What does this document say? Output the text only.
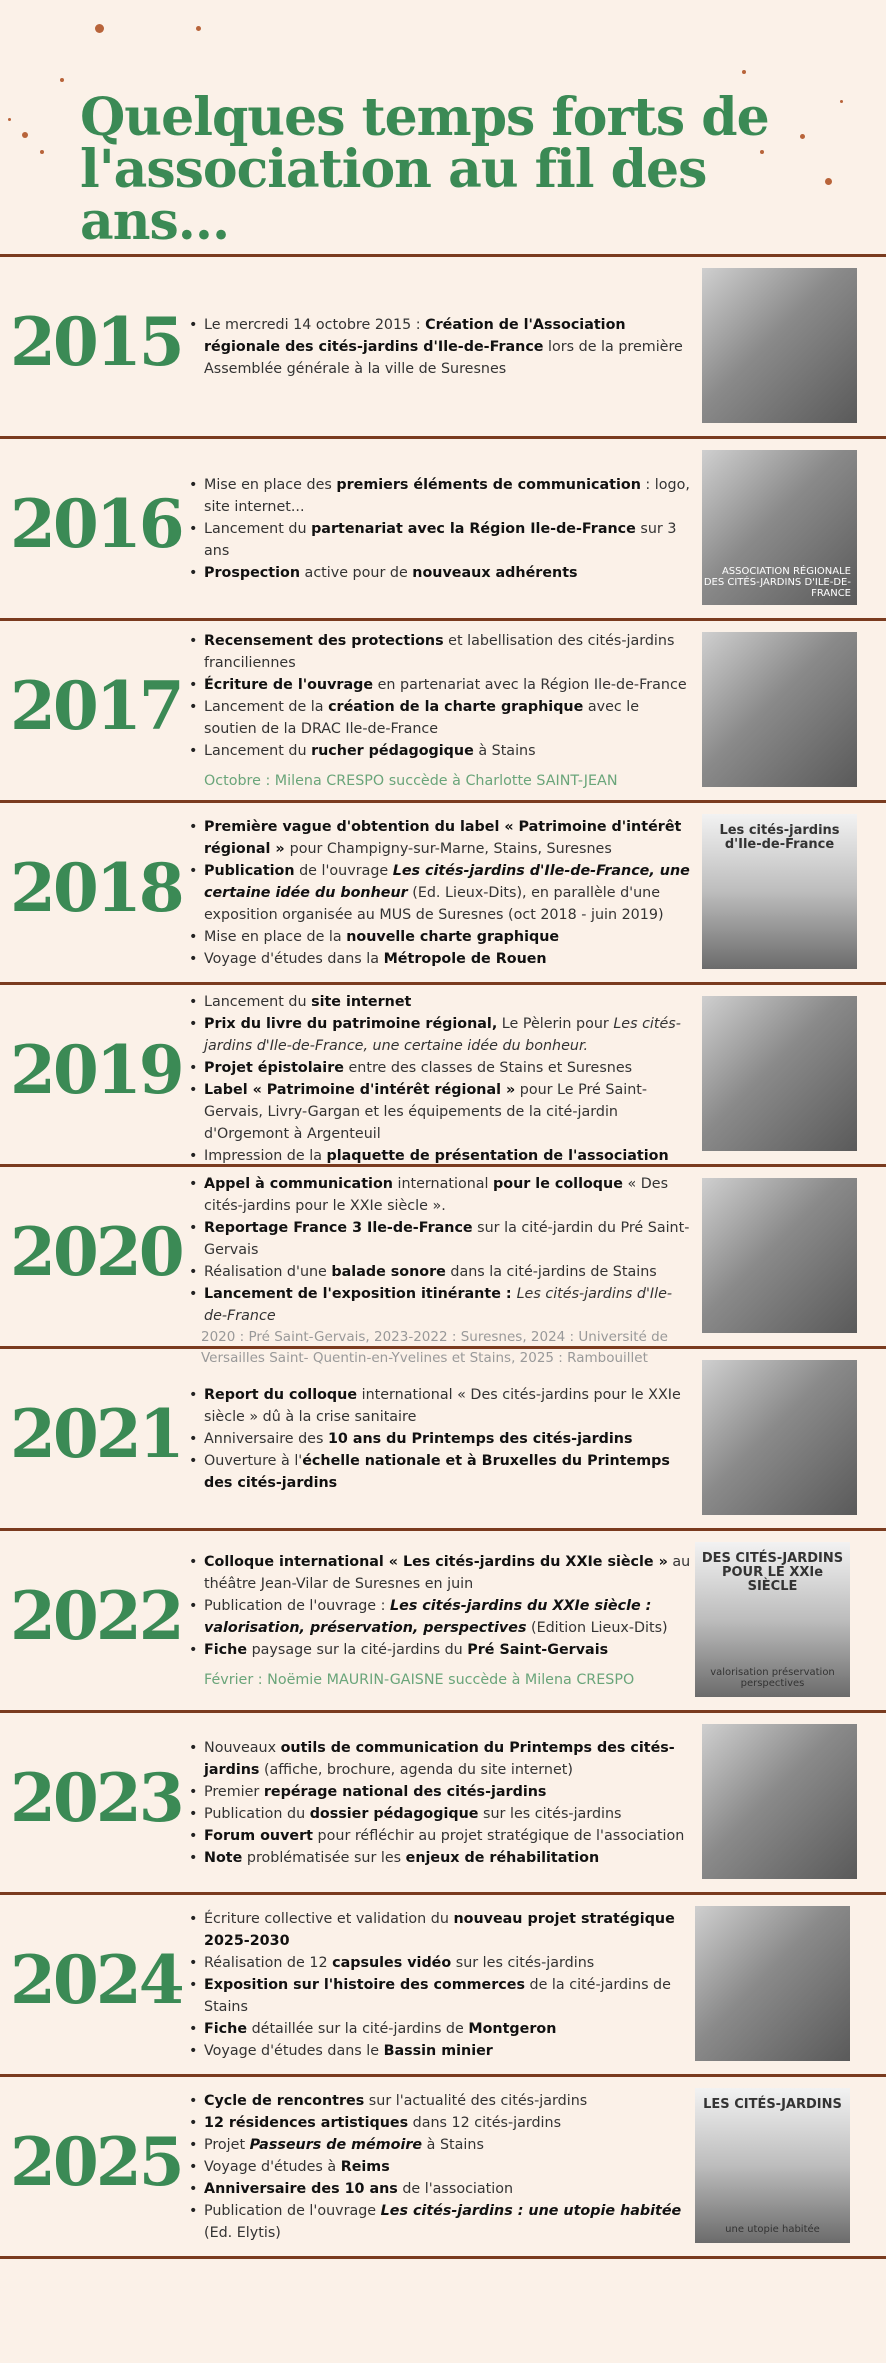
Quelques temps forts de l'association au fil des ans...
2015
•	Le mercredi 14 octobre 2015 : Création de l'Association régionale des cités-jardins d'Ile-de-France lors de la première Assemblée générale à la ville de Suresnes
2016
• Mise en place des premiers éléments de communication : logo, site internet...
• Lancement du partenariat avec la Région Ile-de-France sur 3 ans
• Prospection active pour de nouveaux adhérents	ASSOCIATION RÉGIONALE DES CITÉS-JARDINS D'ILE-DE-FRANCE
2017
• Recensement des protections et labellisation des cités-jardins franciliennes
• Écriture de l'ouvrage en partenariat avec la Région Ile-de-France
• Lancement de la création de la charte graphique avec le soutien de la DRAC Ile-de-France
• Lancement du rucher pédagogique à Stains
Octobre : Milena CRESPO succède à Charlotte SAINT-JEAN
2018
• Première vague d'obtention du label « Patrimoine d'intérêt régional » pour Champigny-sur-Marne, Stains, Suresnes
• Publication de l'ouvrage Les cités-jardins d'Ile-de-France, une certaine idée du bonheur (Ed. Lieux-Dits), en parallèle d'une exposition organisée au MUS de Suresnes (oct 2018 - juin 2019)
• Mise en place de la nouvelle charte graphique
• Voyage d'études dans la Métropole de Rouen
Les cités-jardins d'Ile-de-France
2019
• Lancement du site internet
• Prix du livre du patrimoine régional, Le Pèlerin pour Les cités-jardins d'Ile-de-France, une certaine idée du bonheur.
• Projet épistolaire entre des classes de Stains et Suresnes
• Label « Patrimoine d'intérêt régional » pour Le Pré Saint-Gervais, Livry-Gargan et les équipements de la cité-jardin d'Orgemont à Argenteuil
• Impression de la plaquette de présentation de l'association
2020
• Appel à communication international pour le colloque « Des cités-jardins pour le XXIe siècle ».
• Reportage France 3 Ile-de-France sur la cité-jardin du Pré Saint-Gervais
• Réalisation d'une balade sonore dans la cité-jardins de Stains
• Lancement de l'exposition itinérante : Les cités-jardins d'Ile-de-France
2020 : Pré Saint-Gervais, 2023-2022 : Suresnes, 2024 : Université de Versailles Saint- Quentin-en-Yvelines et Stains, 2025 : Rambouillet
2021
• Report du colloque international « Des cités-jardins pour le XXIe siècle » dû à la crise sanitaire
• Anniversaire des 10 ans du Printemps des cités-jardins
• Ouverture à l'échelle nationale et à Bruxelles du Printemps des cités-jardins
2022
• Colloque international « Les cités-jardins du XXIe siècle » au théâtre Jean-Vilar de Suresnes en juin
• Publication de l'ouvrage : Les cités-jardins du XXIe siècle : valorisation, préservation, perspectives (Edition Lieux-Dits)
• Fiche paysage sur la cité-jardins du Pré Saint-Gervais
Février : Noëmie MAURIN-GAISNE succède à Milena CRESPO
DES CITÉS-JARDINS POUR LE XXIe SIÈCLE
valorisation préservation perspectives
2023
• Nouveaux outils de communication du Printemps des cités-jardins (affiche, brochure, agenda du site internet)
• Premier repérage national des cités-jardins
• Publication du dossier pédagogique sur les cités-jardins
• Forum ouvert pour réfléchir au projet stratégique de l'association
• Note problématisée sur les enjeux de réhabilitation
2024
• Écriture collective et validation du nouveau projet stratégique 2025-2030
• Réalisation de 12 capsules vidéo sur les cités-jardins
• Exposition sur l'histoire des commerces de la cité-jardins de Stains
• Fiche détaillée sur la cité-jardins de Montgeron
• Voyage d'études dans le Bassin minier
2025
• Cycle de rencontres sur l'actualité des cités-jardins
• 12 résidences artistiques dans 12 cités-jardins
• Projet Passeurs de mémoire à Stains
• Voyage d'études à Reims
• Anniversaire des 10 ans de l'association
• Publication de l'ouvrage Les cités-jardins : une utopie habitée (Ed. Elytis)
LES CITÉS-JARDINS
une utopie habitée
